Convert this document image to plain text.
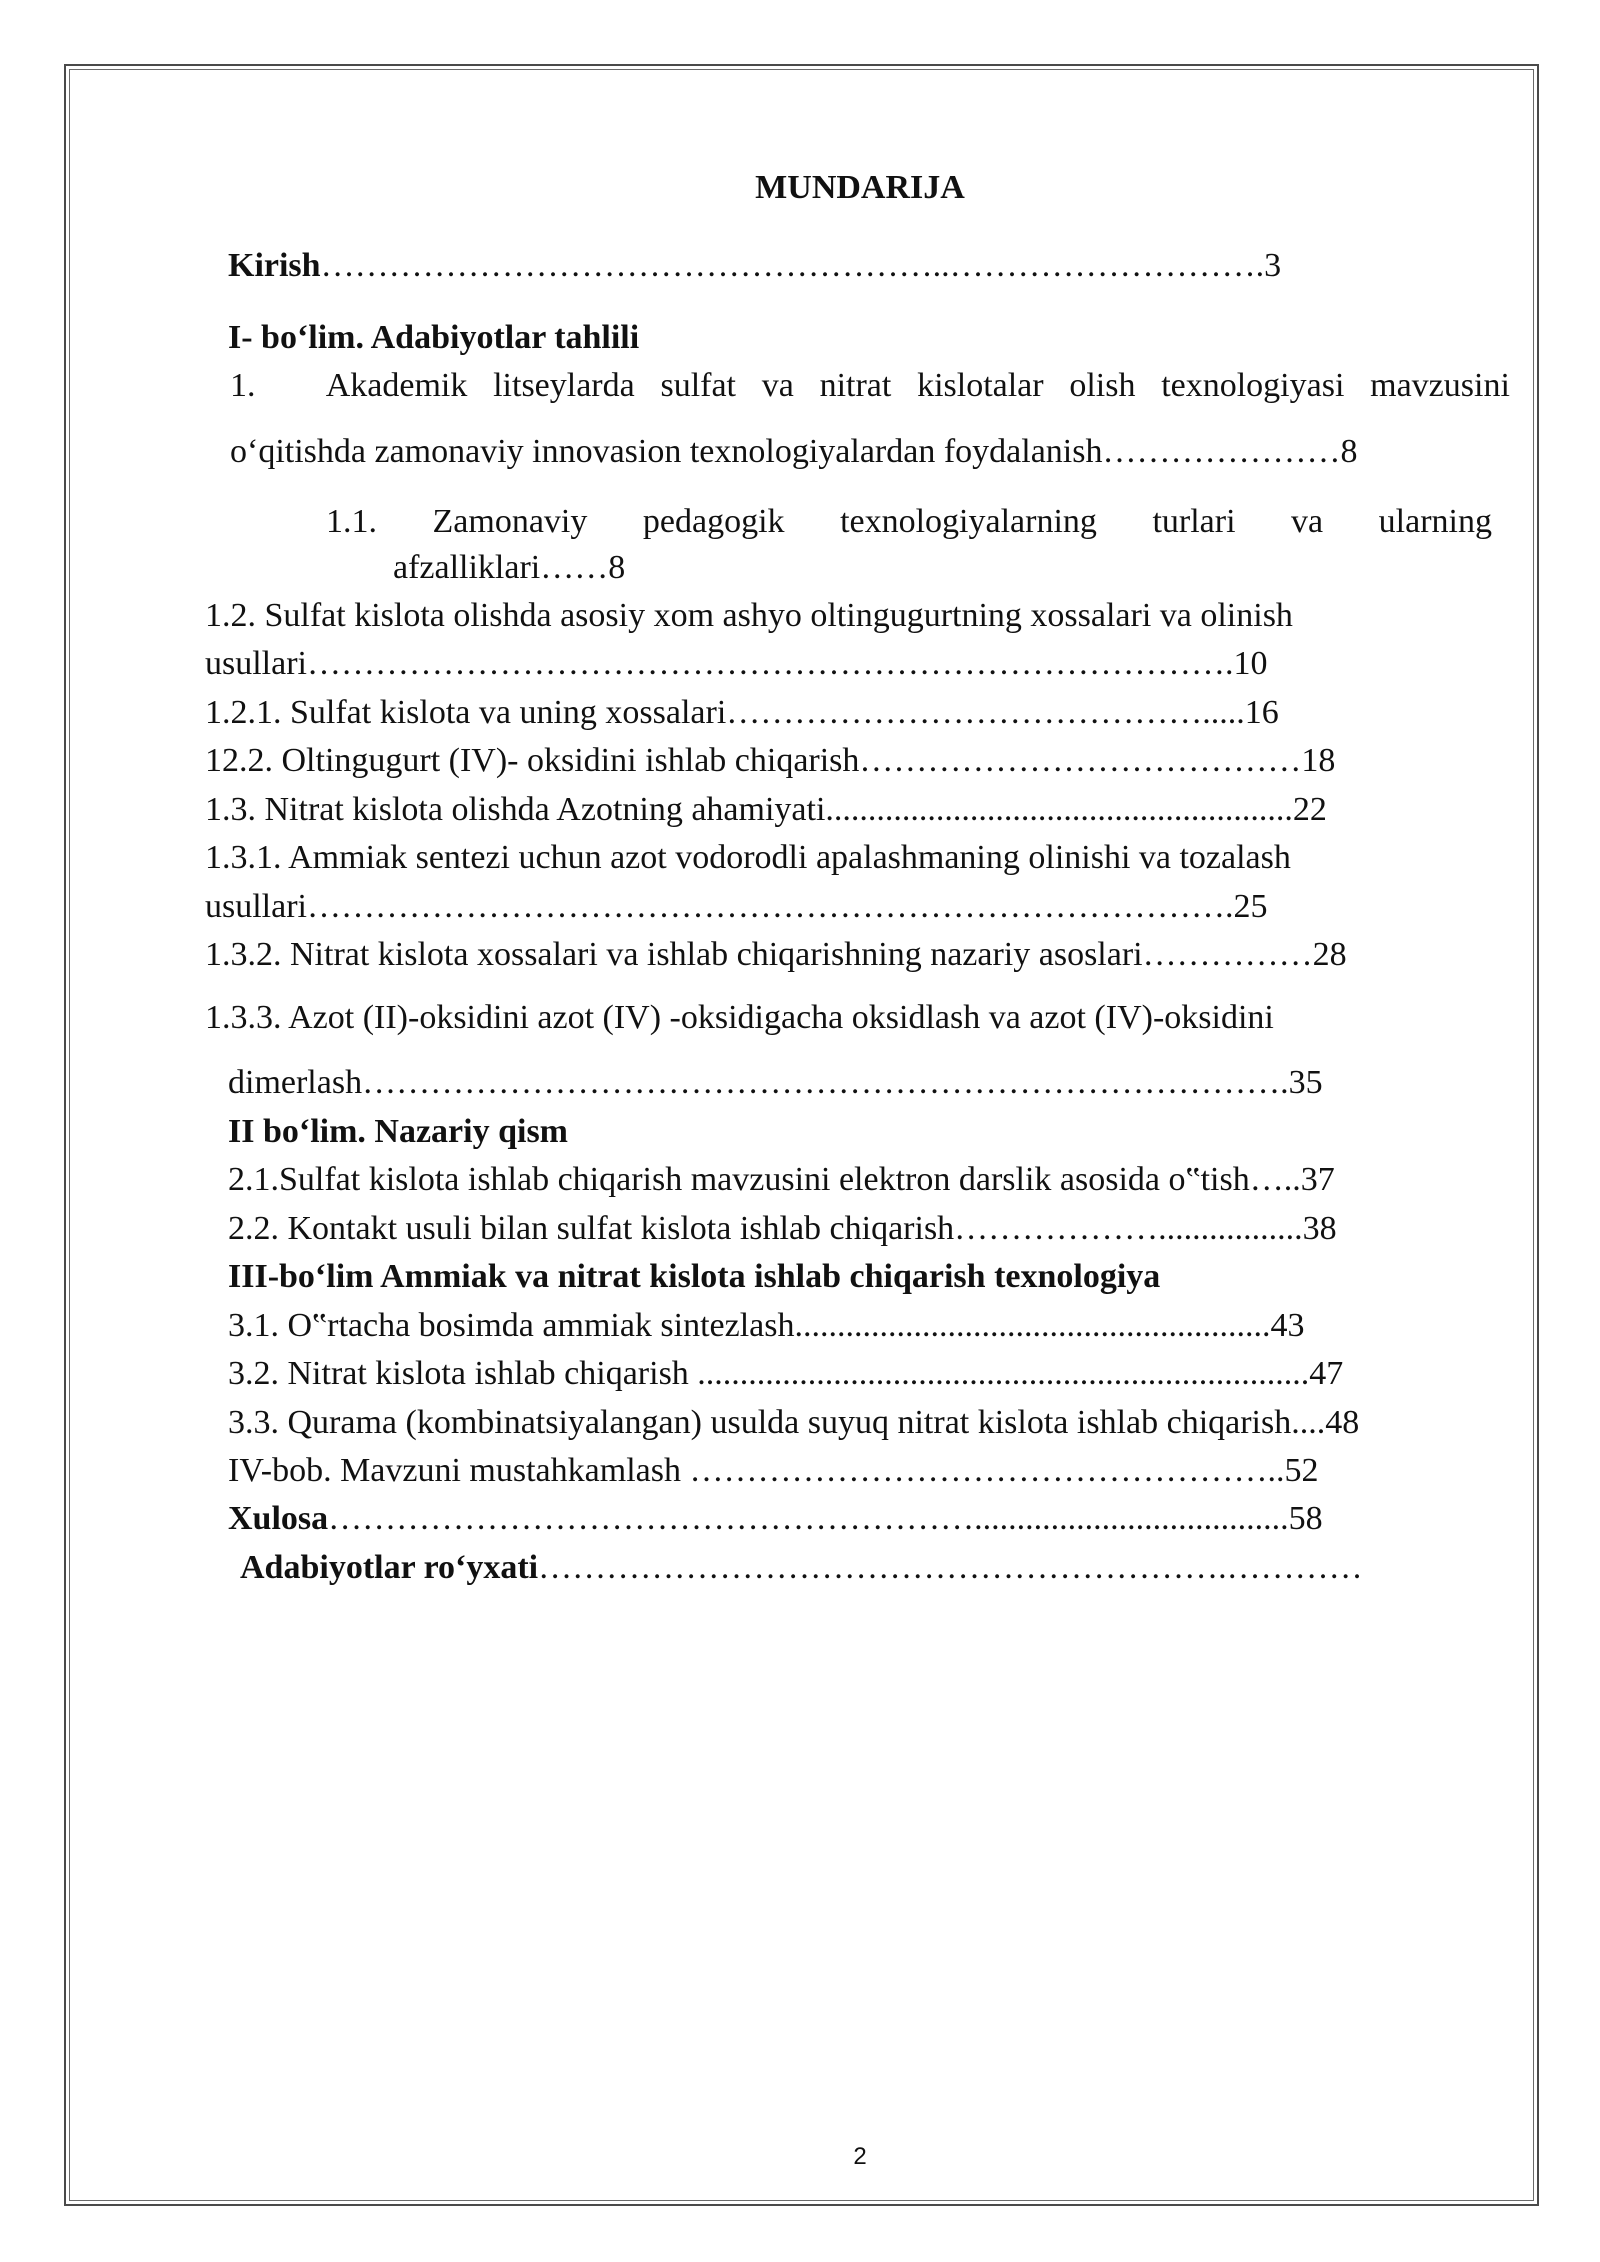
MUNDARIJA
Kirish………………………………………………..……………………….3
I- bo‘lim. Adabiyotlar tahlili
1.	Akademik litseylarda sulfat va nitrat kislotalar olish texnologiyasi mavzusini
o‘qitishda zamonaviy innovasion texnologiyalardan foydalanish…………………8
1.1. Zamonaviy pedagogik texnologiyalarning turlari va ularning
afzalliklari……8
1.2. Sulfat kislota olishda asosiy xom ashyo oltingugurtning xossalari va olinish
usullari……………………………………………………………………….10
1.2.1. Sulfat kislota va uning xossalari…………………………………….....16
12.2. Oltingugurt (IV)- oksidini ishlab chiqarish…………………………………18
1.3. Nitrat kislota olishda Azotning ahamiyati.......................................................22
1.3.1. Ammiak sentezi uchun azot vodorodli apalashmaning olinishi va tozalash
usullari……………………………………………………………………….25
1.3.2. Nitrat kislota xossalari va ishlab chiqarishning nazariy asoslari……………28
1.3.3. Azot (II)-oksidini azot (IV) -oksidigacha oksidlash va azot (IV)-oksidini
dimerlash……………………………………………………………………….35
II bo‘lim. Nazariy qism
2.1.Sulfat kislota ishlab chiqarish mavzusini elektron darslik asosida o‟tish…..37
2.2. Kontakt usuli bilan sulfat kislota ishlab chiqarish……………….................38
III-bo‘lim Ammiak va nitrat kislota ishlab chiqarish texnologiya
3.1. O‟rtacha bosimda ammiak sintezlash........................................................43
3.2. Nitrat kislota ishlab chiqarish ........................................................................47
3.3. Qurama (kombinatsiyalangan) usulda suyuq nitrat kislota ishlab chiqarish....48
IV-bob. Mavzuni mustahkamlash ……………………………………………..52
Xulosa………………………………………………….....................................58
Adabiyotlar ro‘yxati…………………………………………………….…………
2
